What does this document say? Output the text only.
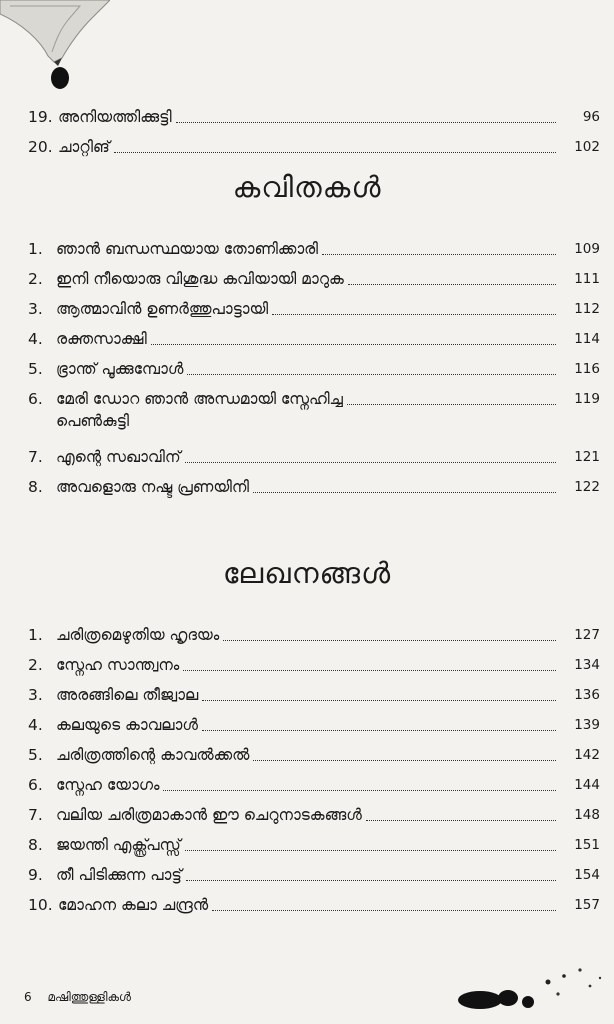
19. അനിയത്തിക്കുട്ടി	96
20. ചാറ്റിങ്	102
കവിതകൾ
1. ഞാൻ ബന്ധസ്ഥയായ തോണിക്കാരി	109
2. ഇനി നീയൊരു വിശുദ്ധ കവിയായി മാറുക	111
3. ആത്മാവിൻ ഉണർത്തുപാട്ടായി	112
4. രക്തസാക്ഷി	114
5. ഭ്രാന്ത് പൂക്കുമ്പോൾ	116
6. മേരി ഡോറ ഞാൻ അന്ധമായി സ്നേഹിച്ച	119
പെൺകുട്ടി
7. എന്റെ സഖാവിന്	121
8. അവളൊരു നഷ്ട പ്രണയിനി	122
ലേഖനങ്ങൾ
1. ചരിത്രമെഴുതിയ ഹൃദയം	127
2. സ്നേഹ സാന്ത്വനം	134
3. അരങ്ങിലെ തീജ്വാല	136
4. കലയുടെ കാവലാൾ	139
5. ചരിത്രത്തിന്റെ കാവൽക്കൽ	142
6. സ്നേഹ യോഗം	144
7. വലിയ ചരിത്രമാകാൻ ഈ ചെറുനാടകങ്ങൾ	148
8. ജയന്തി എക്സ്പ്രസ്സ്	151
9. തീ പിടിക്കുന്ന പാട്ട്	154
10. മോഹന കലാ ചന്ദ്രൻ	157
6 മഷിത്തുള്ളികൾ
